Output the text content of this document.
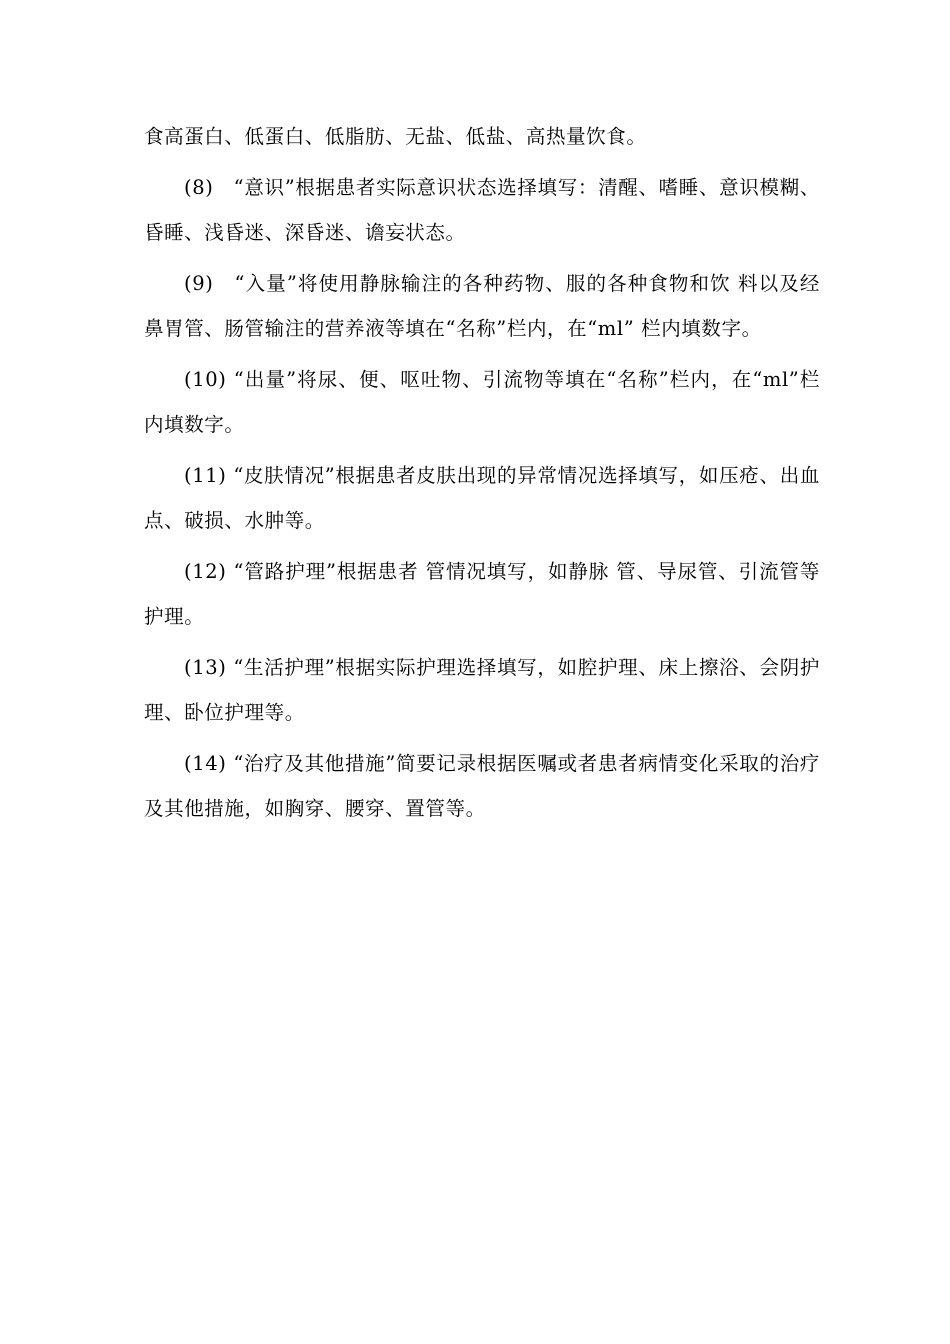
食高蛋白、低蛋白、低脂肪、无盐、低盐、高热量饮食。

(8)　“意识”根据患者实际意识状态选择填写：清醒、嗜睡、意识模糊、昏睡、浅昏迷、深昏迷、谵妄状态。

(9)　“入量”将使用静脉输注的各种药物、服的各种食物和饮 料以及经鼻胃管、肠管输注的营养液等填在“名称”栏内，在“ml” 栏内填数字。

(10) “出量”将尿、便、呕吐物、引流物等填在“名称”栏内，在“ml”栏内填数字。

(11) “皮肤情况”根据患者皮肤出现的异常情况选择填写，如压疮、出血点、破损、水肿等。

(12) “管路护理”根据患者 管情况填写，如静脉 管、导尿管、引流管等护理。

(13) “生活护理”根据实际护理选择填写，如腔护理、床上擦浴、会阴护理、卧位护理等。

(14) “治疗及其他措施”简要记录根据医嘱或者患者病情变化采取的治疗及其他措施，如胸穿、腰穿、置管等。
